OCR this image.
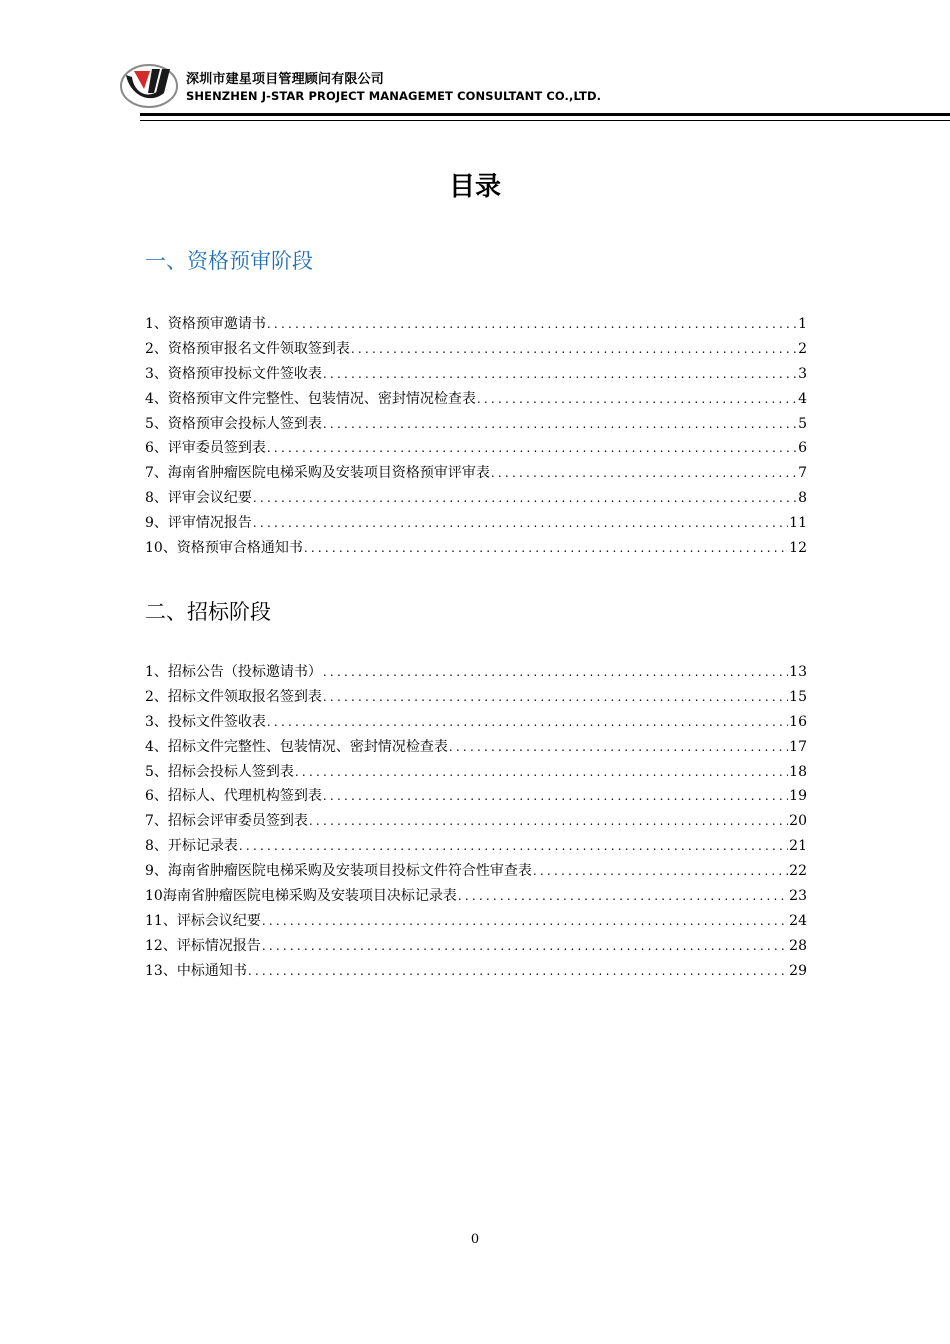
深圳市建星项目管理顾问有限公司
SHENZHEN J-STAR PROJECT MANAGEMET CONSULTANT CO.,LTD.
目录
一、资格预审阶段
1、资格预审邀请书 .....	1
2、资格预审报名文件领取签到表 .....	2
3、资格预审投标文件签收表 .....	3
4、资格预审文件完整性、包装情况、密封情况检查表 .....	4
5、资格预审会投标人签到表 .....	5
6、评审委员签到表 .....	6
7、海南省肿瘤医院电梯采购及安装项目资格预审评审表 .....	7
8、评审会议纪要 .....	8
9、评审情况报告 .....	11
10、资格预审合格通知书 .....	12
二、招标阶段
1、招标公告（投标邀请书） .....	13
2、招标文件领取报名签到表 .....	15
3、投标文件签收表 .....	16
4、招标文件完整性、包装情况、密封情况检查表 .....	17
5、招标会投标人签到表 .....	18
6、招标人、代理机构签到表 .....	19
7、招标会评审委员签到表 .....	20
8、开标记录表 .....	21
9、海南省肿瘤医院电梯采购及安装项目投标文件符合性审查表 .....	22
10海南省肿瘤医院电梯采购及安装项目决标记录表 .....	23
11、评标会议纪要 .....	24
12、评标情况报告 .....	28
13、中标通知书 .....	29
0
